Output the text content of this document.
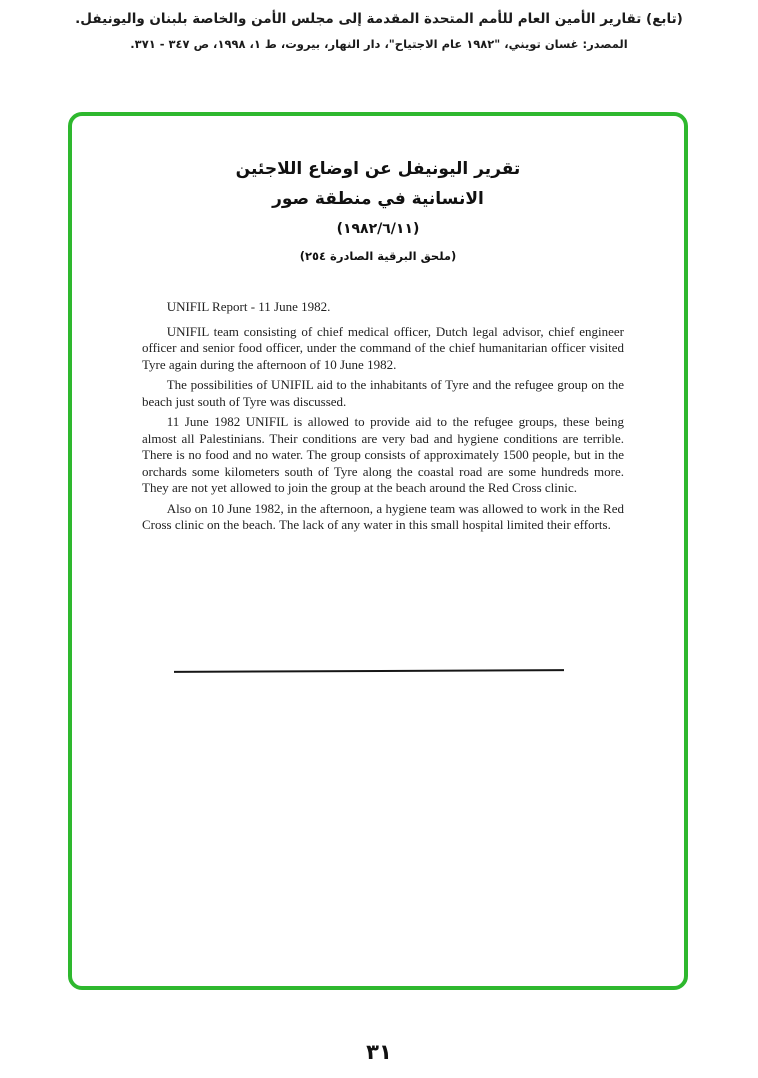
(تابع) تقارير الأمين العام للأمم المتحدة المقدمة إلى مجلس الأمن والخاصة بلبنان واليونيفل.
المصدر: غسان تويني، "١٩٨٢ عام الاجتياح"، دار النهار، بيروت، ط ١، ١٩٩٨، ص ٣٤٧ - ٣٧١.
تقرير اليونيفل عن اوضاع اللاجئين
الانسانية في منطقة صور
(١٩٨٢/٦/١١)
(ملحق البرقية الصادرة ٢٥٤)

UNIFIL Report - 11 June 1982.

UNIFIL team consisting of chief medical officer, Dutch legal advisor, chief engineer officer and senior food officer, under the command of the chief humanitarian officer visited Tyre again during the afternoon of 10 June 1982.

The possibilities of UNIFIL aid to the inhabitants of Tyre and the refugee group on the beach just south of Tyre was discussed.

11 June 1982 UNIFIL is allowed to provide aid to the refugee groups, these being almost all Palestinians. Their conditions are very bad and hygiene conditions are terrible. There is no food and no water. The group consists of approximately 1500 people, but in the orchards some kilometers south of Tyre along the coastal road are some hundreds more. They are not yet allowed to join the group at the beach around the Red Cross clinic.

Also on 10 June 1982, in the afternoon, a hygiene team was allowed to work in the Red Cross clinic on the beach. The lack of any water in this small hospital limited their efforts.

٣١
